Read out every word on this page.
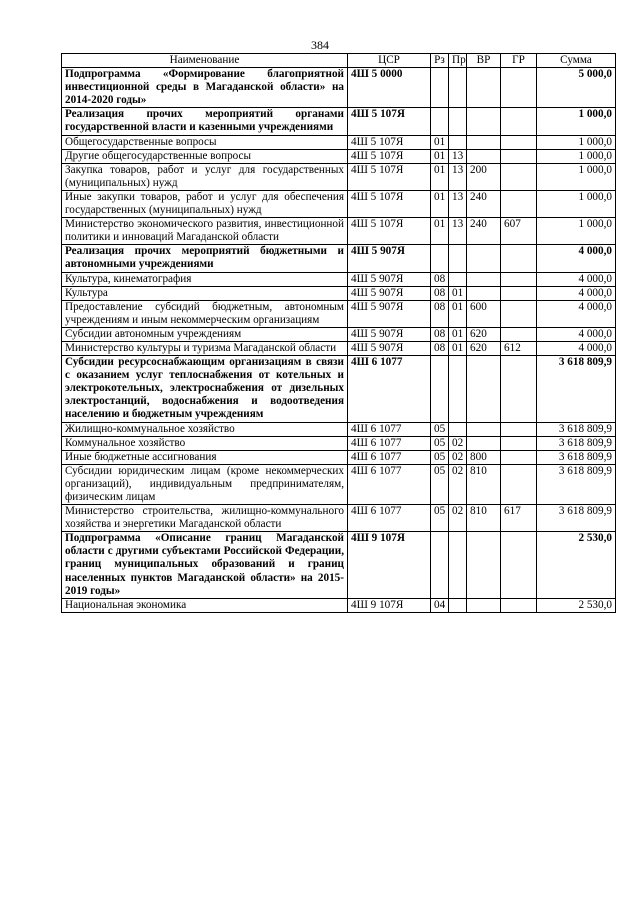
384
Наименование	ЦСР	Рз	Пр	ВР	ГР	Сумма
Подпрограмма «Формирование благоприятной инвестиционной среды в Магаданской области» на 2014-2020 годы»	4Ш 5 0000					5 000,0
Реализация прочих мероприятий органами государственной власти и казенными учреждениями	4Ш 5 107Я					1 000,0
Общегосударственные вопросы	4Ш 5 107Я	01				1 000,0
Другие общегосударственные вопросы	4Ш 5 107Я	01	13			1 000,0
Закупка товаров, работ и услуг для государственных (муниципальных) нужд	4Ш 5 107Я	01	13	200		1 000,0
Иные закупки товаров, работ и услуг для обеспечения государственных (муниципальных) нужд	4Ш 5 107Я	01	13	240		1 000,0
Министерство экономического развития, инвестиционной политики и инноваций Магаданской области	4Ш 5 107Я	01	13	240	607	1 000,0
Реализация прочих мероприятий бюджетными и автономными учреждениями	4Ш 5 907Я					4 000,0
Культура, кинематография	4Ш 5 907Я	08				4 000,0
Культура	4Ш 5 907Я	08	01			4 000,0
Предоставление субсидий бюджетным, автономным учреждениям и иным некоммерческим организациям	4Ш 5 907Я	08	01	600		4 000,0
Субсидии автономным учреждениям	4Ш 5 907Я	08	01	620		4 000,0
Министерство культуры и туризма Магаданской области	4Ш 5 907Я	08	01	620	612	4 000,0
Субсидии ресурсоснабжающим организациям в связи с оказанием услуг теплоснабжения от котельных и электрокотельных, электроснабжения от дизельных электростанций, водоснабжения и водоотведения населению и бюджетным учреждениям	4Ш 6 1077					3 618 809,9
Жилищно-коммунальное хозяйство	4Ш 6 1077	05				3 618 809,9
Коммунальное хозяйство	4Ш 6 1077	05	02			3 618 809,9
Иные бюджетные ассигнования	4Ш 6 1077	05	02	800		3 618 809,9
Субсидии юридическим лицам (кроме некоммерческих организаций), индивидуальным предпринимателям, физическим лицам	4Ш 6 1077	05	02	810		3 618 809,9
Министерство строительства, жилищно-коммунального хозяйства и энергетики Магаданской области	4Ш 6 1077	05	02	810	617	3 618 809,9
Подпрограмма «Описание границ Магаданской области с другими субъектами Российской Федерации, границ муниципальных образований и границ населенных пунктов Магаданской области» на 2015-2019 годы»	4Ш 9 107Я					2 530,0
Национальная экономика	4Ш 9 107Я	04				2 530,0
